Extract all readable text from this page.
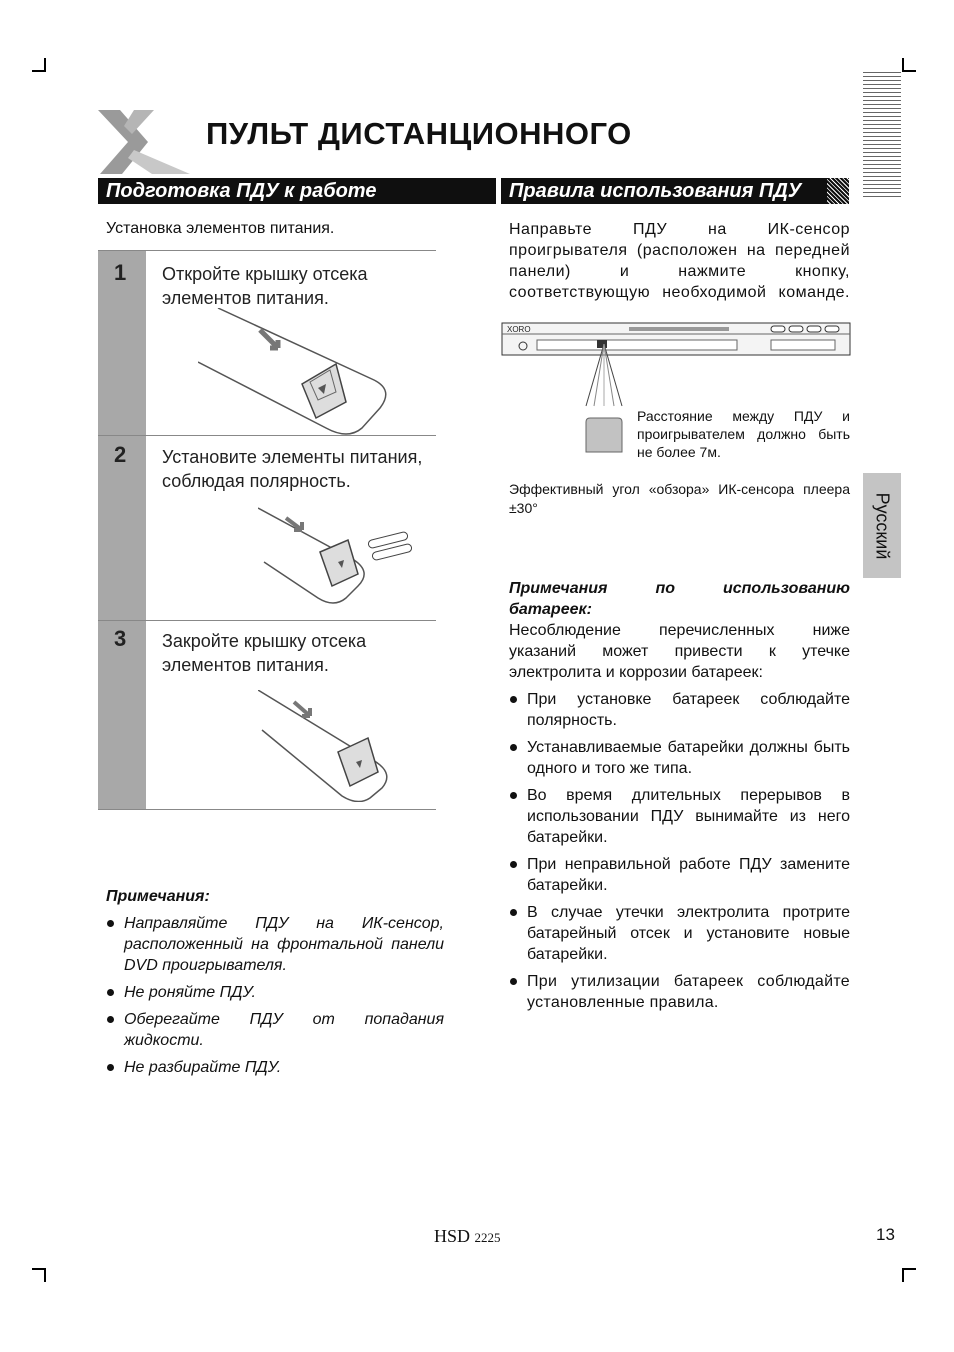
ПУЛЬТ ДИСТАНЦИОННОГО
Подготовка ПДУ к работе	Правила использования ПДУ
Установка элементов питания.
1 Откройте крышку отсека элементов питания.
2 Установите элементы питания, соблюдая полярность.
3 Закройте крышку отсека элементов питания.
Примечания:
Направляйте ПДУ на ИК-сенсор, расположенный на фронтальной панели DVD проигрывателя.
Не роняйте ПДУ.
Оберегайте ПДУ от попадания жидкости.
Не разбирайте ПДУ.
Направьте ПДУ на ИК-сенсор проигрывателя (расположен на передней панели) и нажмите кнопку, соответствующую необходимой команде.
XORO
Расстояние между ПДУ и проигрывателем должно быть не более 7м.
Эффективный угол «обзора» ИК-сенсора плеера ±30°
Примечания по использованию батареек:
Несоблюдение перечисленных ниже указаний может привести к утечке электролита и коррозии батареек:
При установке батареек соблюдайте полярность.
Устанавливаемые батарейки должны быть одного и того же типа.
Во время длительных перерывов в использовании ПДУ вынимайте из него батарейки.
При неправильной работе ПДУ замените батарейки.
В случае утечки электролита протрите батарейный отсек и установите новые батарейки.
При утилизации батареек соблюдайте установленные правила.
Русский
HSD 2225	13
